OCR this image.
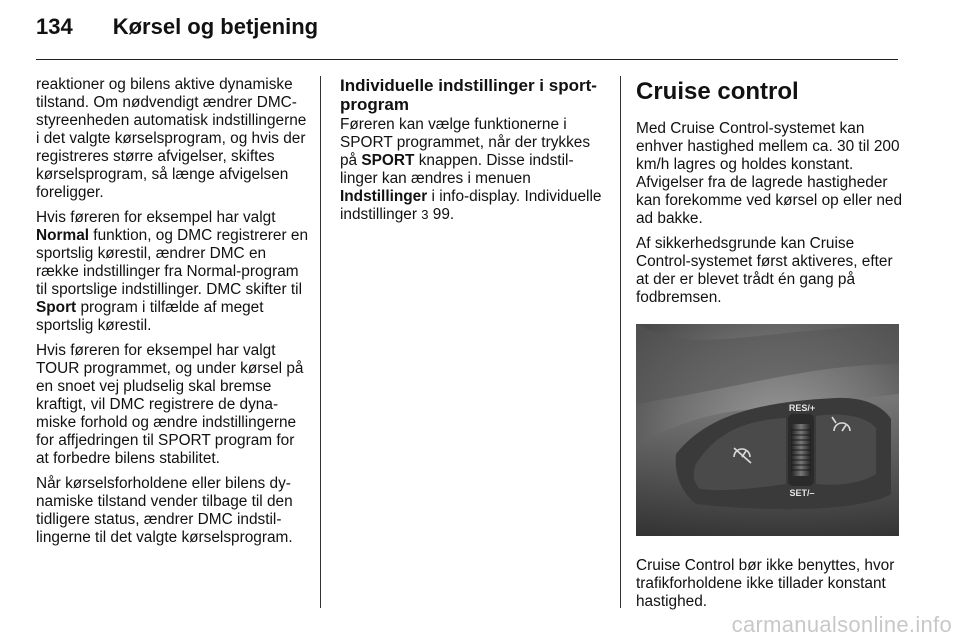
134 Kørsel og betjening

reaktioner og bilens aktive dynamiske tilstand. Om nødvendigt ændrer DMC-styreenheden automatisk indstillingerne i det valgte kørselsprogram, og hvis der registreres større afvigelser, skiftes kørselsprogram, så længe afvigelsen foreligger.

Hvis føreren for eksempel har valgt Normal funktion, og DMC registrerer en sportslig kørestil, ændrer DMC en række indstillinger fra Normal-program til sportslige indstillinger. DMC skifter til Sport program i tilfælde af meget sportslig kørestil.

Hvis føreren for eksempel har valgt TOUR programmet, og under kørsel på en snoet vej pludselig skal bremse kraftigt, vil DMC registrere de dynamiske forhold og ændre indstillingerne for affjedringen til SPORT program for at forbedre bilens stabilitet.

Når kørselsforholdene eller bilens dynamiske tilstand vender tilbage til den tidligere status, ændrer DMC indstillingerne til det valgte kørselsprogram.

Individuelle indstillinger i sportprogram

Føreren kan vælge funktionerne i SPORT programmet, når der trykkes på SPORT knappen. Disse indstillinger kan ændres i menuen Indstillinger i info-display. Individuelle indstillinger 3 99.

Cruise control

Med Cruise Control-systemet kan enhver hastighed mellem ca. 30 til 200 km/h lagres og holdes konstant. Afvigelser fra de lagrede hastigheder kan forekomme ved kørsel op eller ned ad bakke.

Af sikkerhedsgrunde kan Cruise Control-systemet først aktiveres, efter at der er blevet trådt én gang på fodbremsen.

RES/+
SET/–

Cruise Control bør ikke benyttes, hvor trafikforholdene ikke tillader konstant hastighed.

carmanualsonline.info
